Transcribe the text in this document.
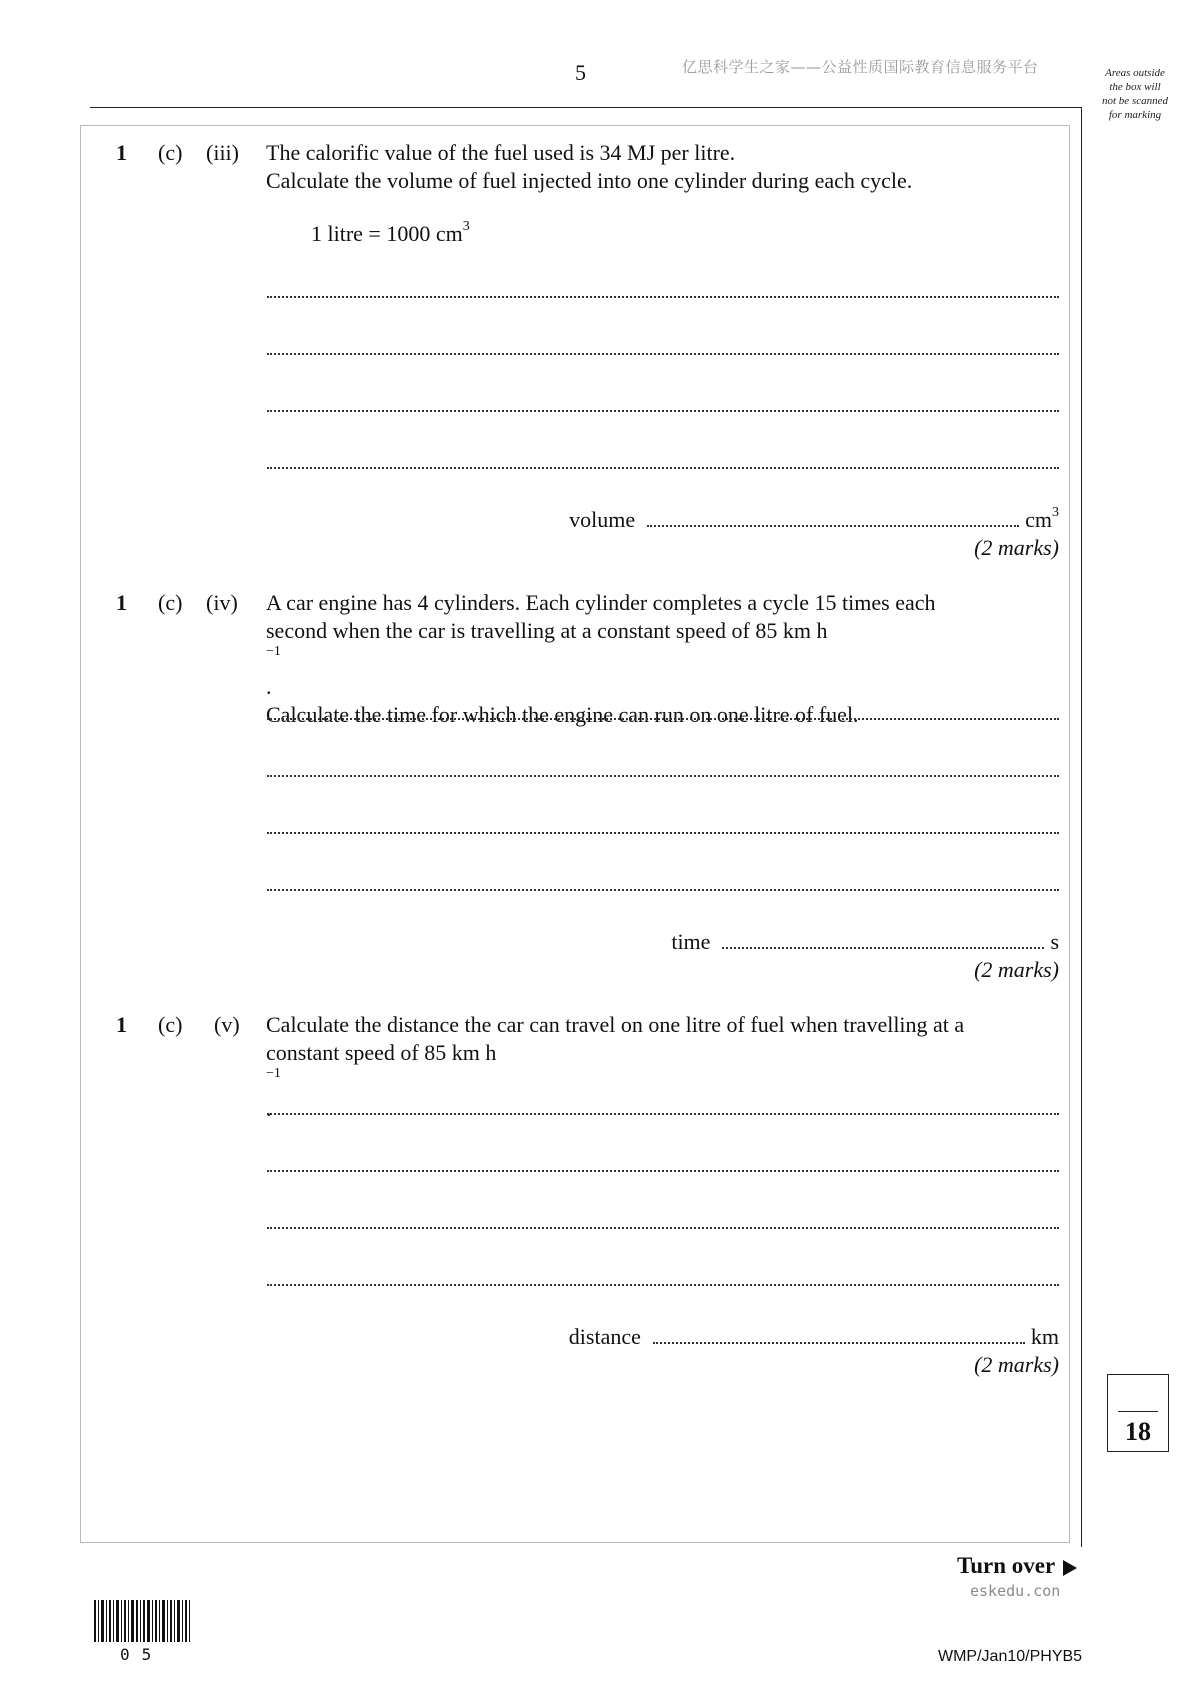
5	亿思科学生之家——公益性质国际教育信息服务平台	Areas outside
the box will
not be scanned
for marking
1 (c) (iii) The calorific value of the fuel used is 34 MJ per litre.
Calculate the volume of fuel injected into one cylinder during each cycle.
1 litre = 1000 $cm^3$
volume	$cm^3$
(2 marks)
1 (c) (iv) A car engine has 4 cylinders. Each cylinder completes a cycle 15 times each
second when the car is travelling at a constant speed of 85 km h
$^{-1}$
.
Calculate the time for which the engine can run on one litre of fuel.
time	s
(2 marks)
1 (c) (v) Calculate the distance the car can travel on one litre of fuel when travelling at a
constant speed of 85 km h
$^{-1}$
.
distance	km
(2 marks)
18
Turn over
eskedu.con
05	WMP/Jan10/PHYB5
